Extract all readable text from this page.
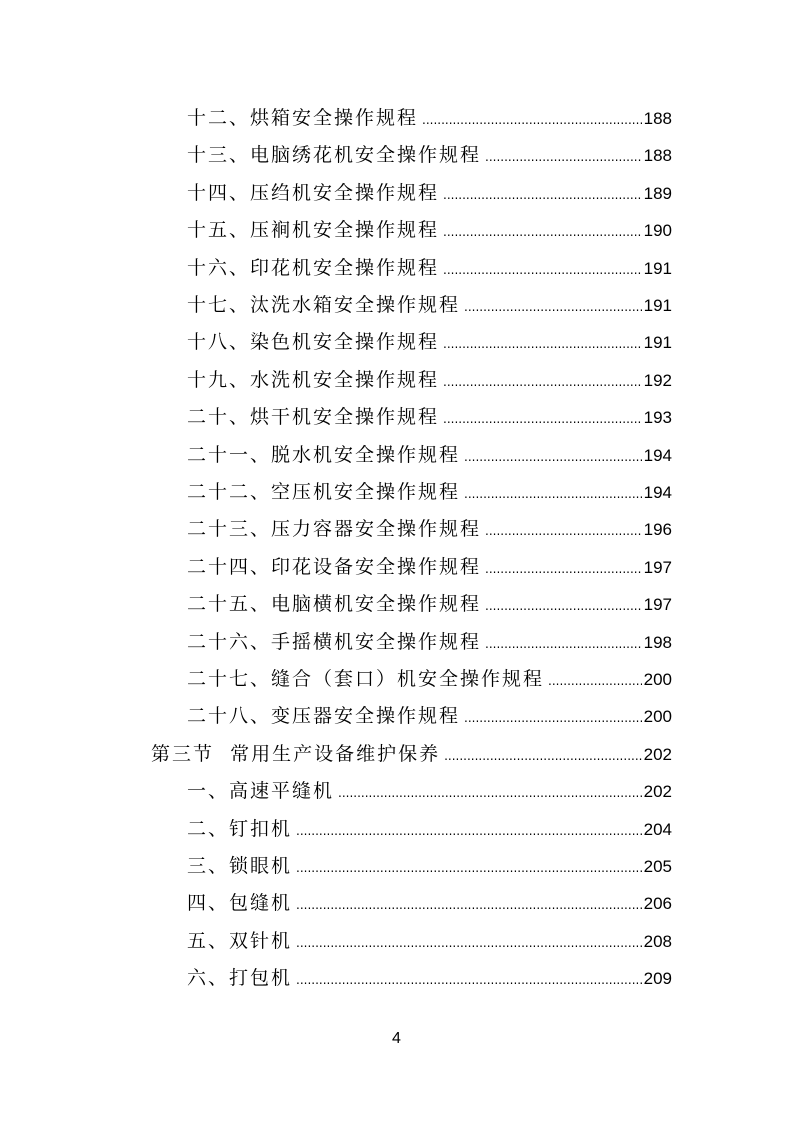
十二、烘箱安全操作规程 .....	188
十三、电脑绣花机安全操作规程 .....	188
十四、压绉机安全操作规程 .....	189
十五、压裥机安全操作规程 .....	190
十六、印花机安全操作规程 .....	191
十七、汰洗水箱安全操作规程 .....	191
十八、染色机安全操作规程 .....	191
十九、水洗机安全操作规程 .....	192
二十、烘干机安全操作规程 .....	193
二十一、脱水机安全操作规程 .....	194
二十二、空压机安全操作规程 .....	194
二十三、压力容器安全操作规程 .....	196
二十四、印花设备安全操作规程 .....	197
二十五、电脑横机安全操作规程 .....	197
二十六、手摇横机安全操作规程 .....	198
二十七、缝合（套口）机安全操作规程 .....	200
二十八、变压器安全操作规程 .....	200
第三节  常用生产设备维护保养 .....	202
一、高速平缝机 .....	202
二、钉扣机 .....	204
三、锁眼机 .....	205
四、包缝机 .....	206
五、双针机 .....	208
六、打包机 .....	209
4
